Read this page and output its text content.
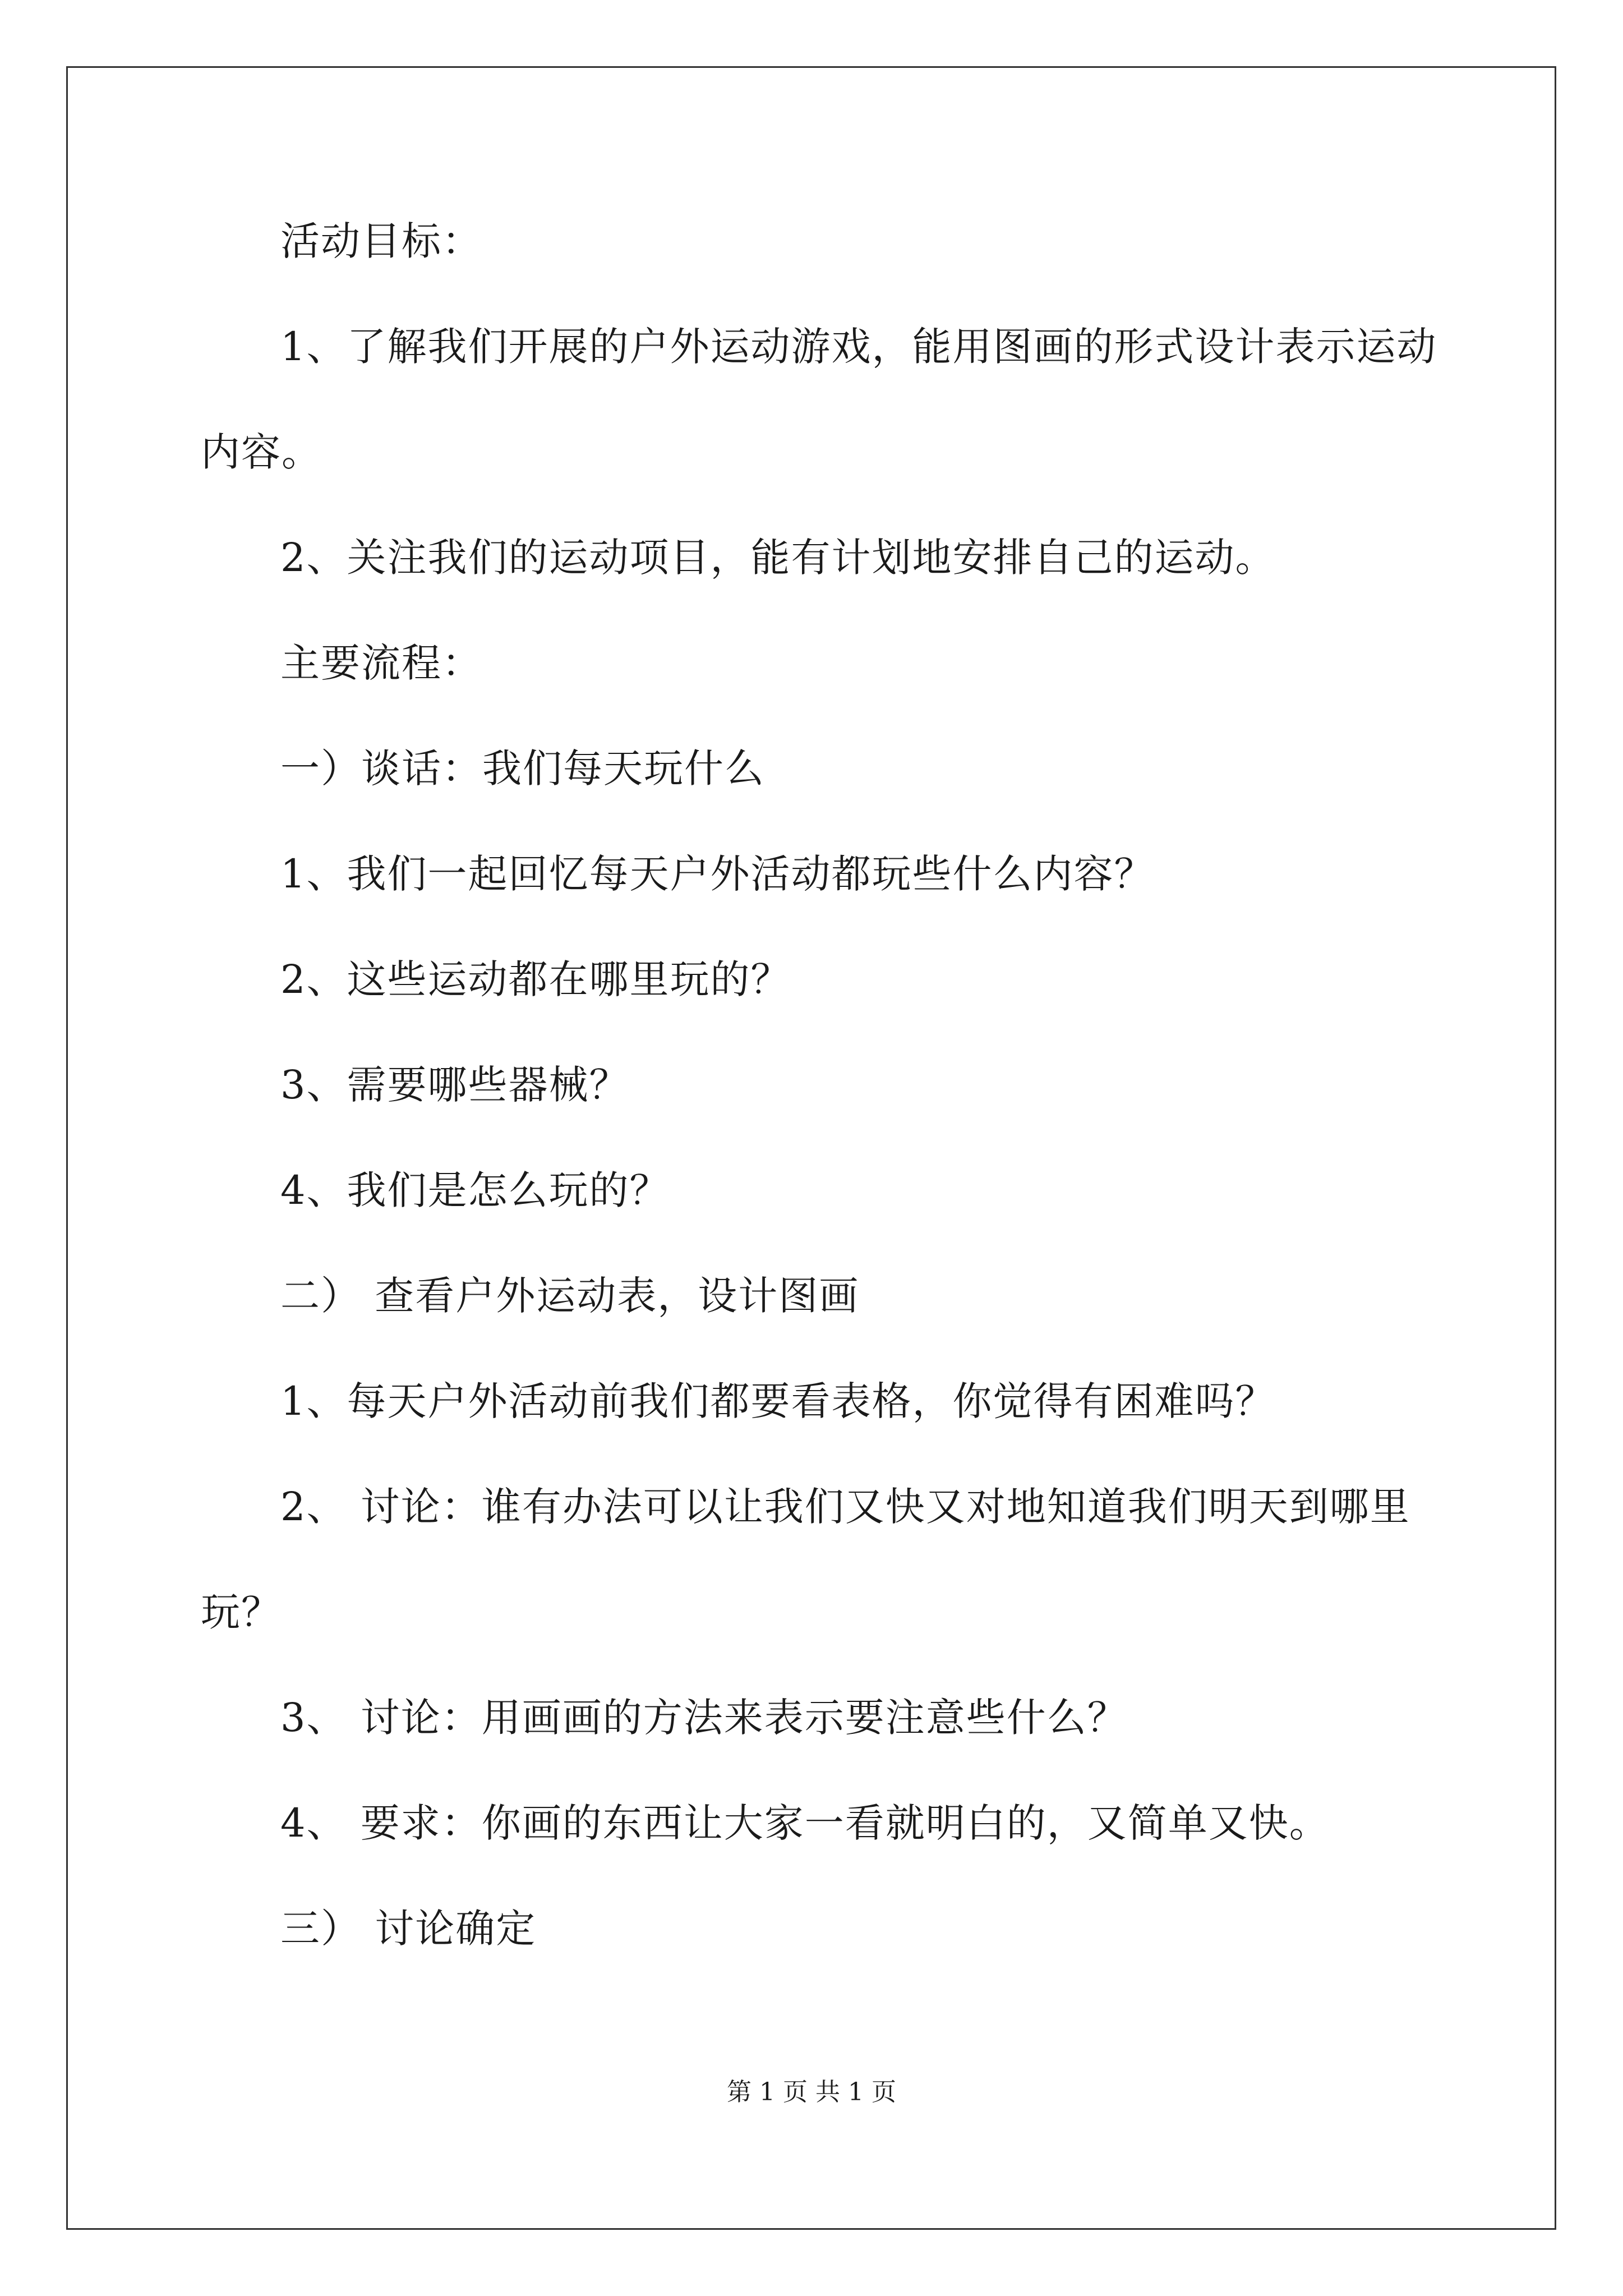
活动目标：
1、了解我们开展的户外运动游戏，能用图画的形式设计表示运动
内容。
2、关注我们的运动项目，能有计划地安排自己的运动。
主要流程：
一）谈话：我们每天玩什么
1、我们一起回忆每天户外活动都玩些什么内容？
2、这些运动都在哪里玩的？
3、需要哪些器械？
4、我们是怎么玩的？
二） 查看户外运动表，设计图画
1、每天户外活动前我们都要看表格，你觉得有困难吗？
2、 讨论：谁有办法可以让我们又快又对地知道我们明天到哪里
玩？
3、 讨论：用画画的方法来表示要注意些什么？
4、 要求：你画的东西让大家一看就明白的，又简单又快。
三） 讨论确定
第 1 页 共 1 页
